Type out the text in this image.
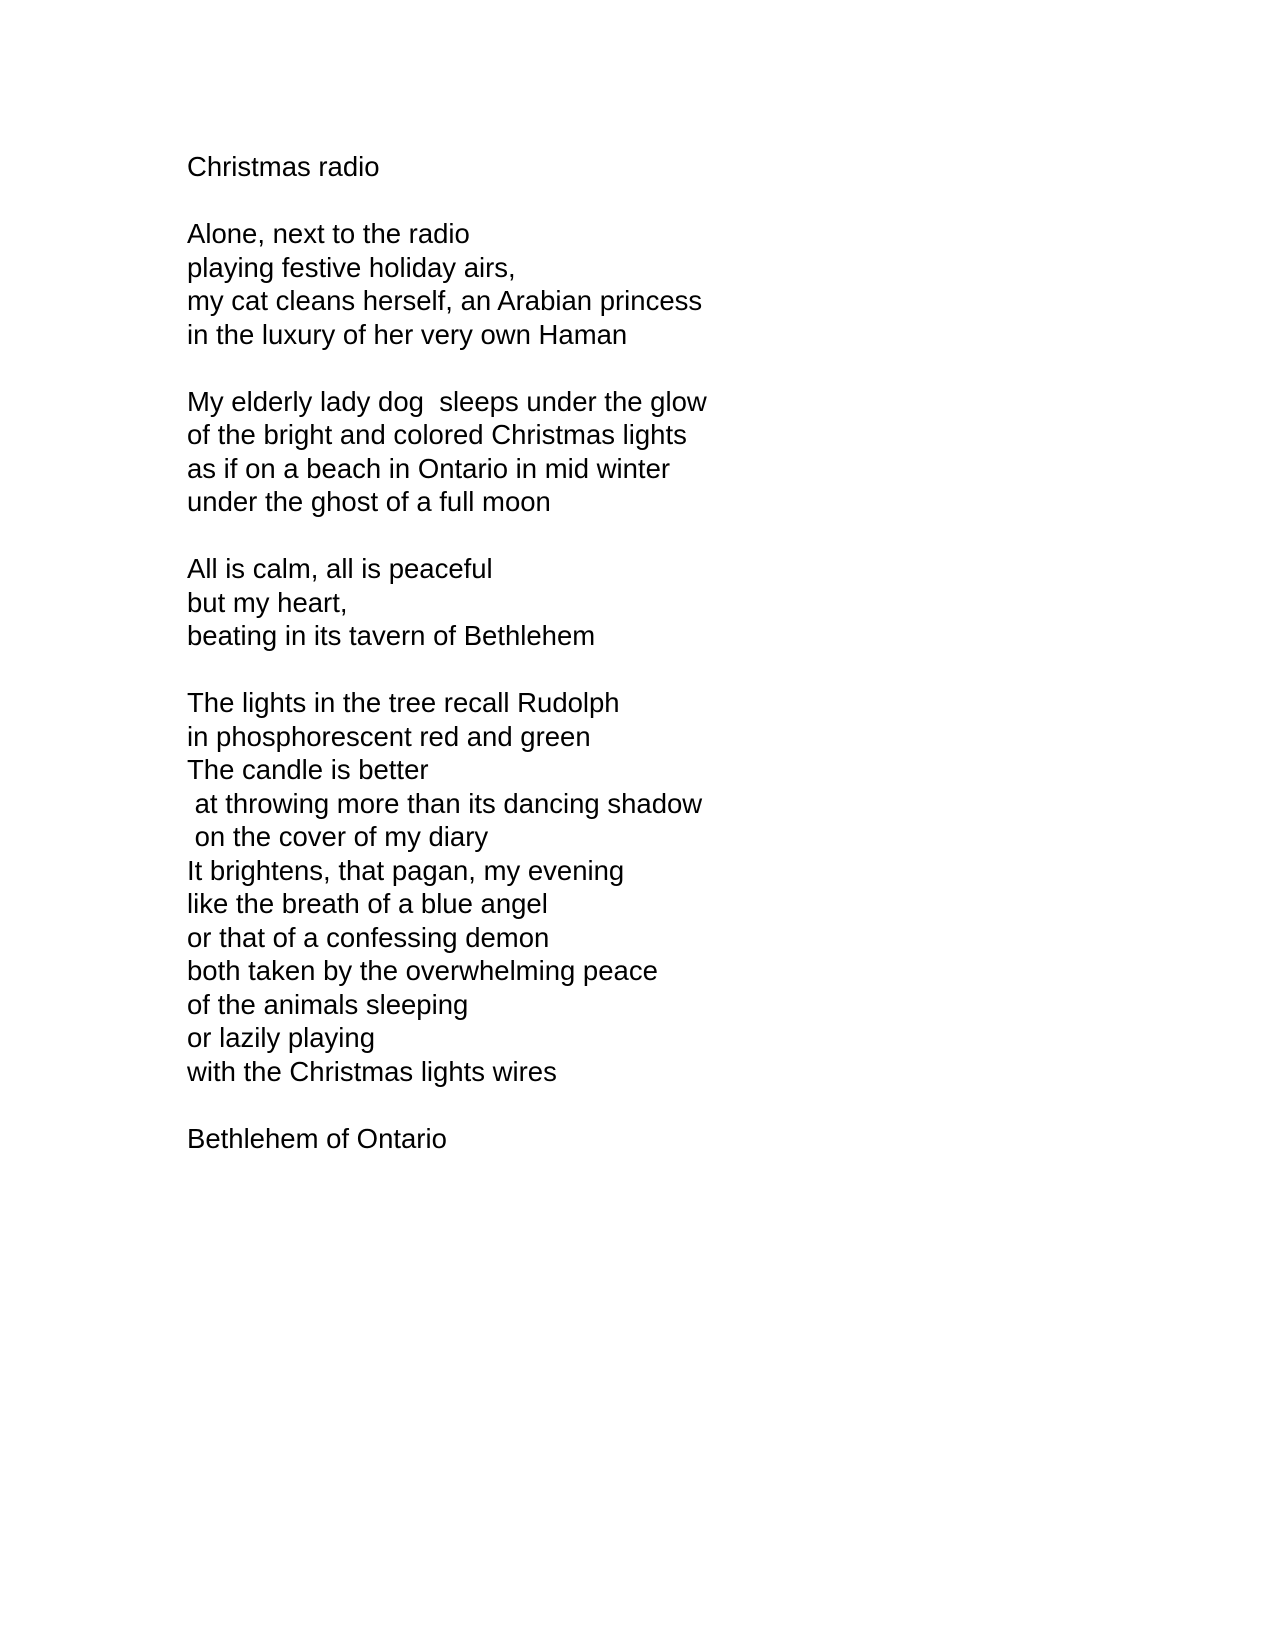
Christmas radio
Alone, next to the radio
playing festive holiday airs,
my cat cleans herself, an Arabian princess
in the luxury of her very own Haman
My elderly lady dog  sleeps under the glow
of the bright and colored Christmas lights
as if on a beach in Ontario in mid winter
under the ghost of a full moon
All is calm, all is peaceful
but my heart,
beating in its tavern of Bethlehem
The lights in the tree recall Rudolph
in phosphorescent red and green
The candle is better
at throwing more than its dancing shadow
on the cover of my diary
It brightens, that pagan, my evening
like the breath of a blue angel
or that of a confessing demon
both taken by the overwhelming peace
of the animals sleeping
or lazily playing
with the Christmas lights wires
Bethlehem of Ontario
